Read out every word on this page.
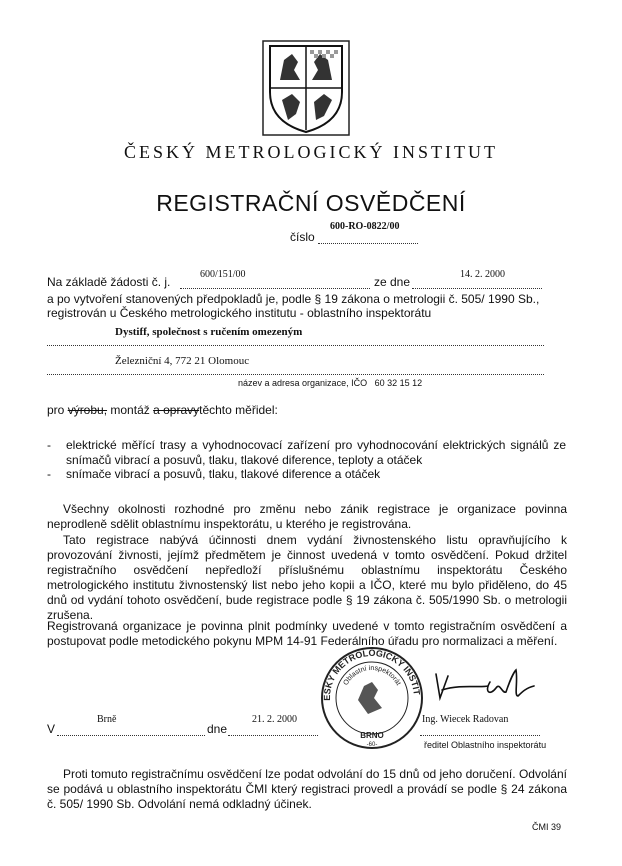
ČESKÝ METROLOGICKÝ INSTITUT
REGISTRAČNÍ OSVĚDČENÍ
číslo
600-RO-0822/00
Na základě žádosti č. j.
600/151/00
ze dne
14. 2. 2000
a po vytvoření stanovených předpokladů je, podle § 19 zákona o metrologii č. 505/ 1990 Sb.,
registrován u Českého metrologického institutu - oblastního inspektorátu
Dystiff, společnost s ručením omezeným
Železniční 4, 772 21 Olomouc
název a adresa organizace, IČO 60 32 15 12
pro výrobu, montáž a opravytěchto měřidel:
- elektrické měřící trasy a vyhodnocovací zařízení pro vyhodnocování elektrických signálů ze snímačů vibrací a posuvů, tlaku, tlakové diference, teploty a otáček
- snímače vibrací a posuvů, tlaku, tlakové diference a otáček
Všechny okolnosti rozhodné pro změnu nebo zánik registrace je organizace povinna neprodleně sdělit oblastnímu inspektorátu, u kterého je registrována.
Tato registrace nabývá účinnosti dnem vydání živnostenského listu opravňujícího k provozování živnosti, jejímž předmětem je činnost uvedená v tomto osvědčení. Pokud držitel registračního osvědčení nepředloží příslušnému oblastnímu inspektorátu Českého metrologického institutu živnostenský list nebo jeho kopii a IČO, které mu bylo přiděleno, do 45 dnů od vydání tohoto osvědčení, bude registrace podle § 19 zákona č. 505/1990 Sb. o metrologii zrušena.
Registrovaná organizace je povinna plnit podmínky uvedené v tomto registračním osvědčení a postupovat podle metodického pokynu MPM 14-91 Federálního úřadu pro normalizaci a měření.
ESKÝ METROLOGICKÝ INSTIT
Oblastní inspektorát
BRNO
-60-
V
Brně
dne
21. 2. 2000	Ing. Wiecek Radovan
ředitel Oblastního inspektorátu
Proti tomuto registračnímu osvědčení lze podat odvolání do 15 dnů od jeho doručení. Odvolání se podává u oblastního inspektorátu ČMI který registraci provedl a provádí se podle § 24 zákona č. 505/ 1990 Sb. Odvolání nemá odkladný účinek.
ČMI 39
